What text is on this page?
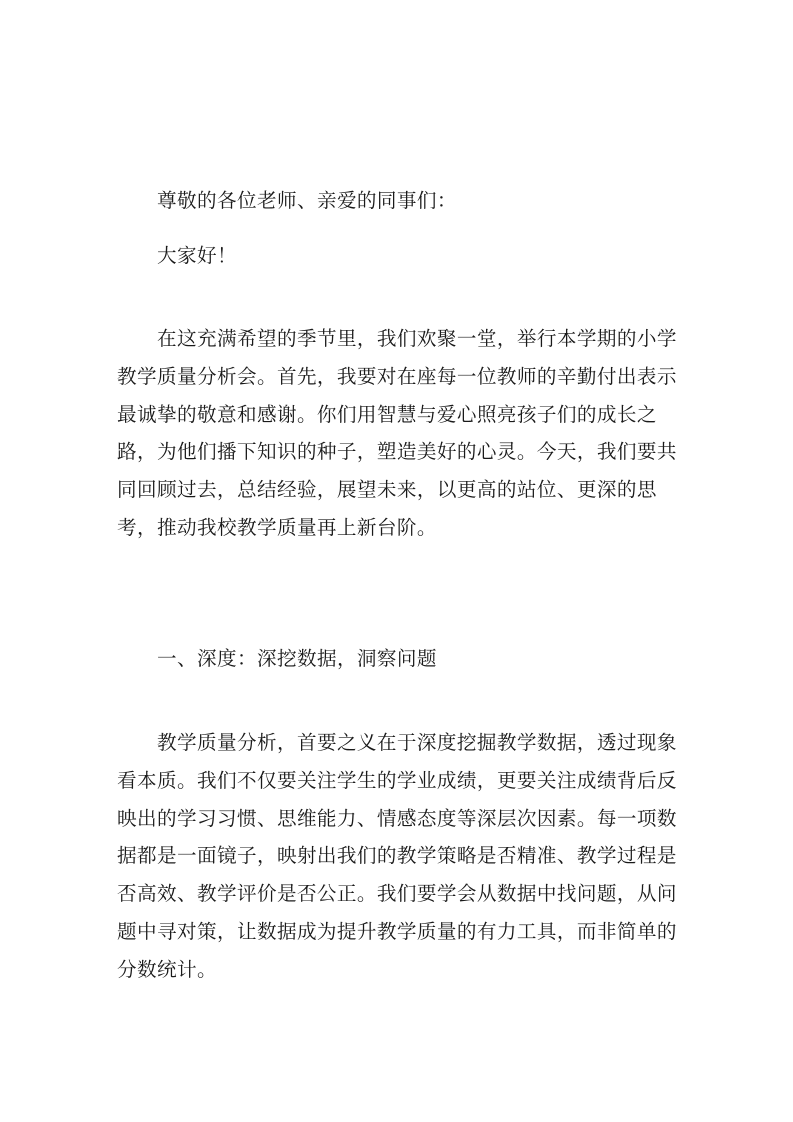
尊敬的各位老师、亲爱的同事们：

大家好！

在这充满希望的季节里，我们欢聚一堂，举行本学期的小学教学质量分析会。首先，我要对在座每一位教师的辛勤付出表示最诚挚的敬意和感谢。你们用智慧与爱心照亮孩子们的成长之路，为他们播下知识的种子，塑造美好的心灵。今天，我们要共同回顾过去，总结经验，展望未来，以更高的站位、更深的思考，推动我校教学质量再上新台阶。

一、深度：深挖数据，洞察问题

教学质量分析，首要之义在于深度挖掘教学数据，透过现象看本质。我们不仅要关注学生的学业成绩，更要关注成绩背后反映出的学习习惯、思维能力、情感态度等深层次因素。每一项数据都是一面镜子，映射出我们的教学策略是否精准、教学过程是否高效、教学评价是否公正。我们要学会从数据中找问题，从问题中寻对策，让数据成为提升教学质量的有力工具，而非简单的分数统计。
